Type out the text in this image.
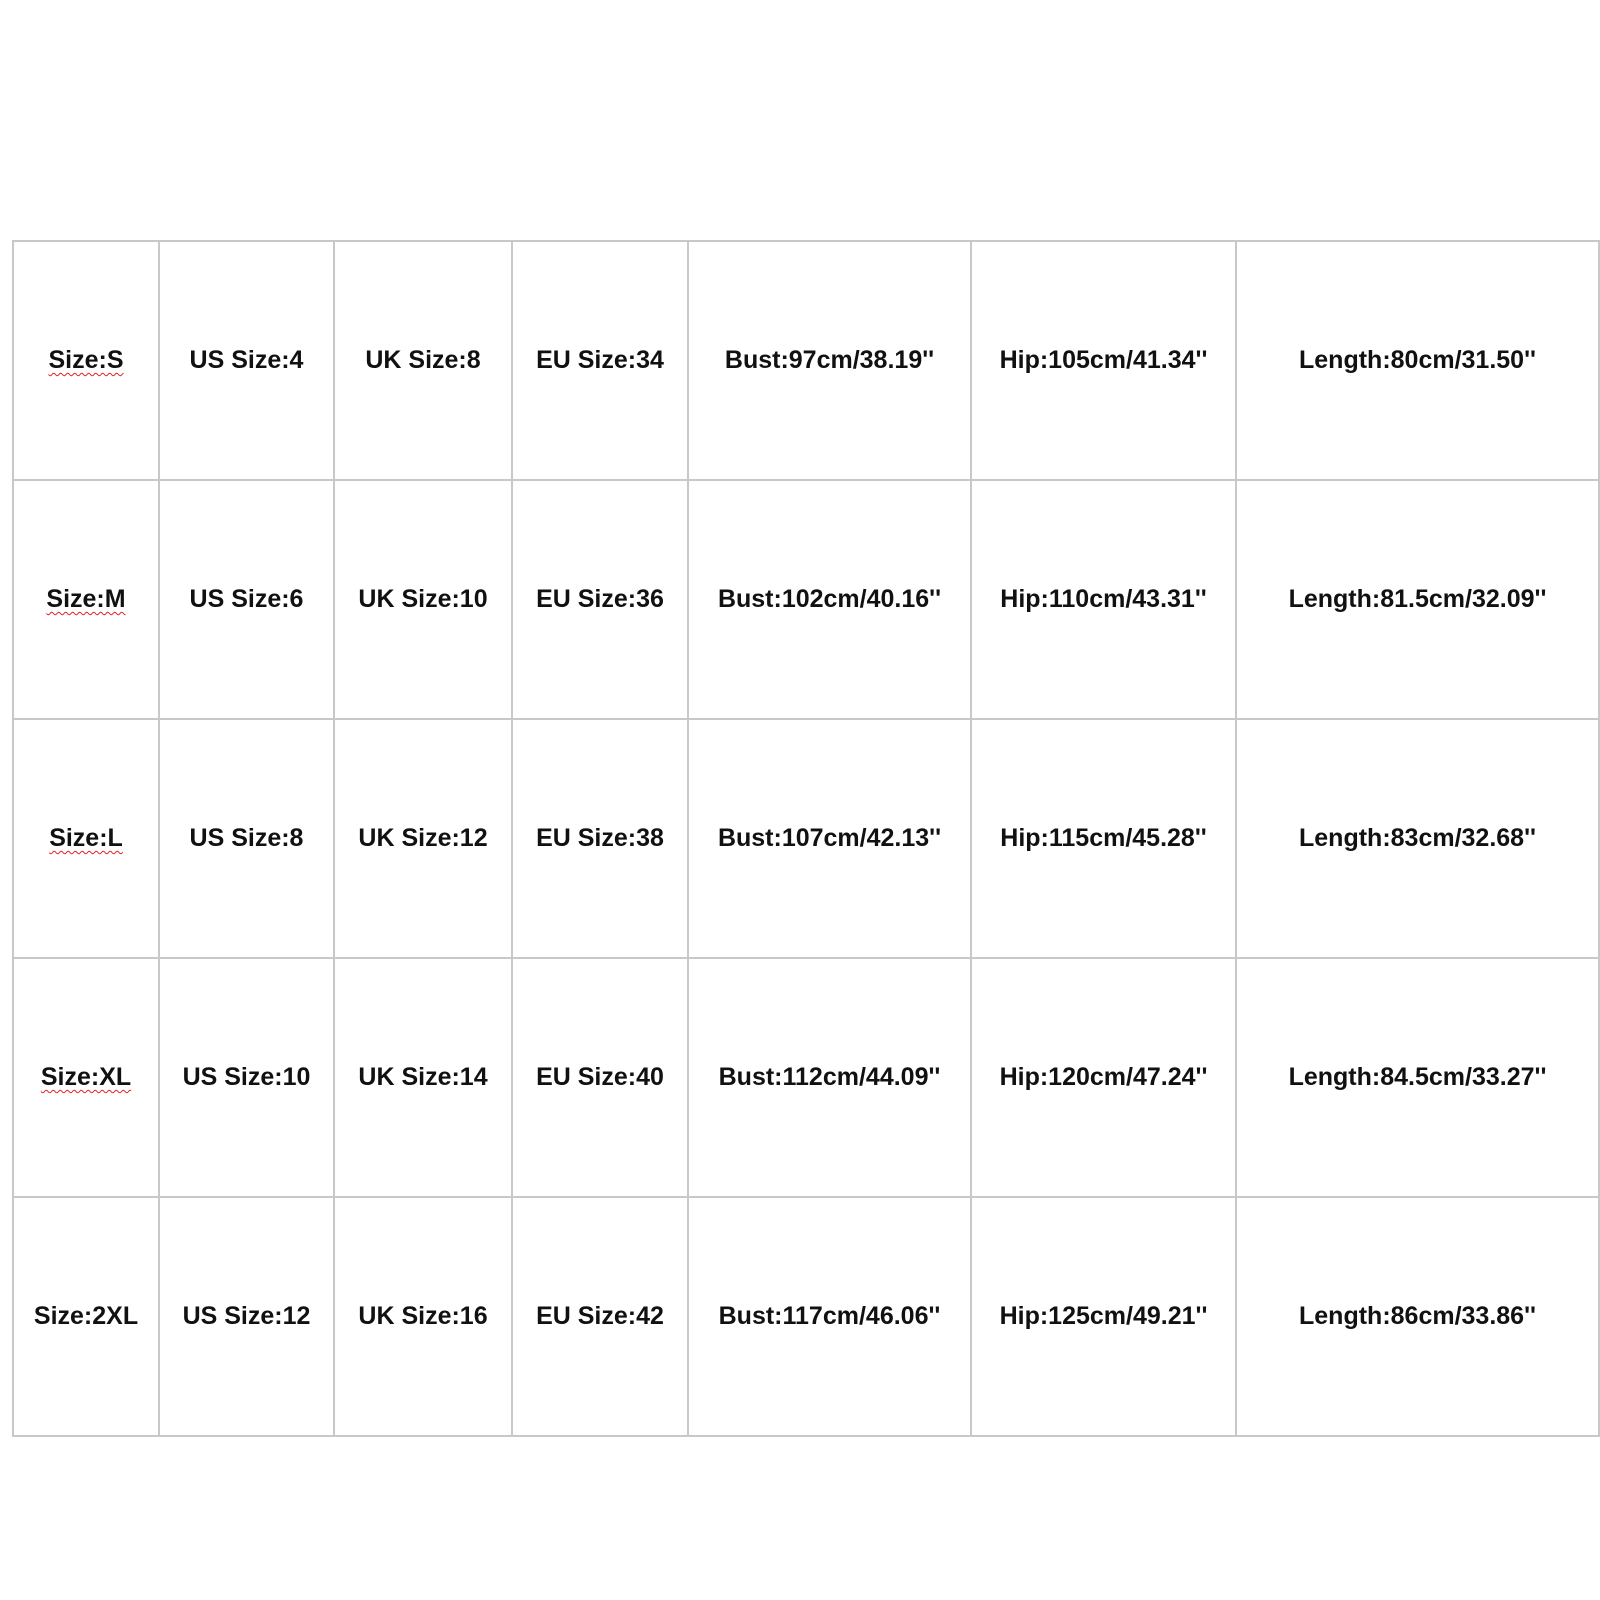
Size:S	US Size:4	UK Size:8	EU Size:34	Bust:97cm/38.19''	Hip:105cm/41.34''	Length:80cm/31.50''
Size:M	US Size:6	UK Size:10	EU Size:36	Bust:102cm/40.16''	Hip:110cm/43.31''	Length:81.5cm/32.09''
Size:L	US Size:8	UK Size:12	EU Size:38	Bust:107cm/42.13''	Hip:115cm/45.28''	Length:83cm/32.68''
Size:XL	US Size:10	UK Size:14	EU Size:40	Bust:112cm/44.09''	Hip:120cm/47.24''	Length:84.5cm/33.27''
Size:2XL	US Size:12	UK Size:16	EU Size:42	Bust:117cm/46.06''	Hip:125cm/49.21''	Length:86cm/33.86''
